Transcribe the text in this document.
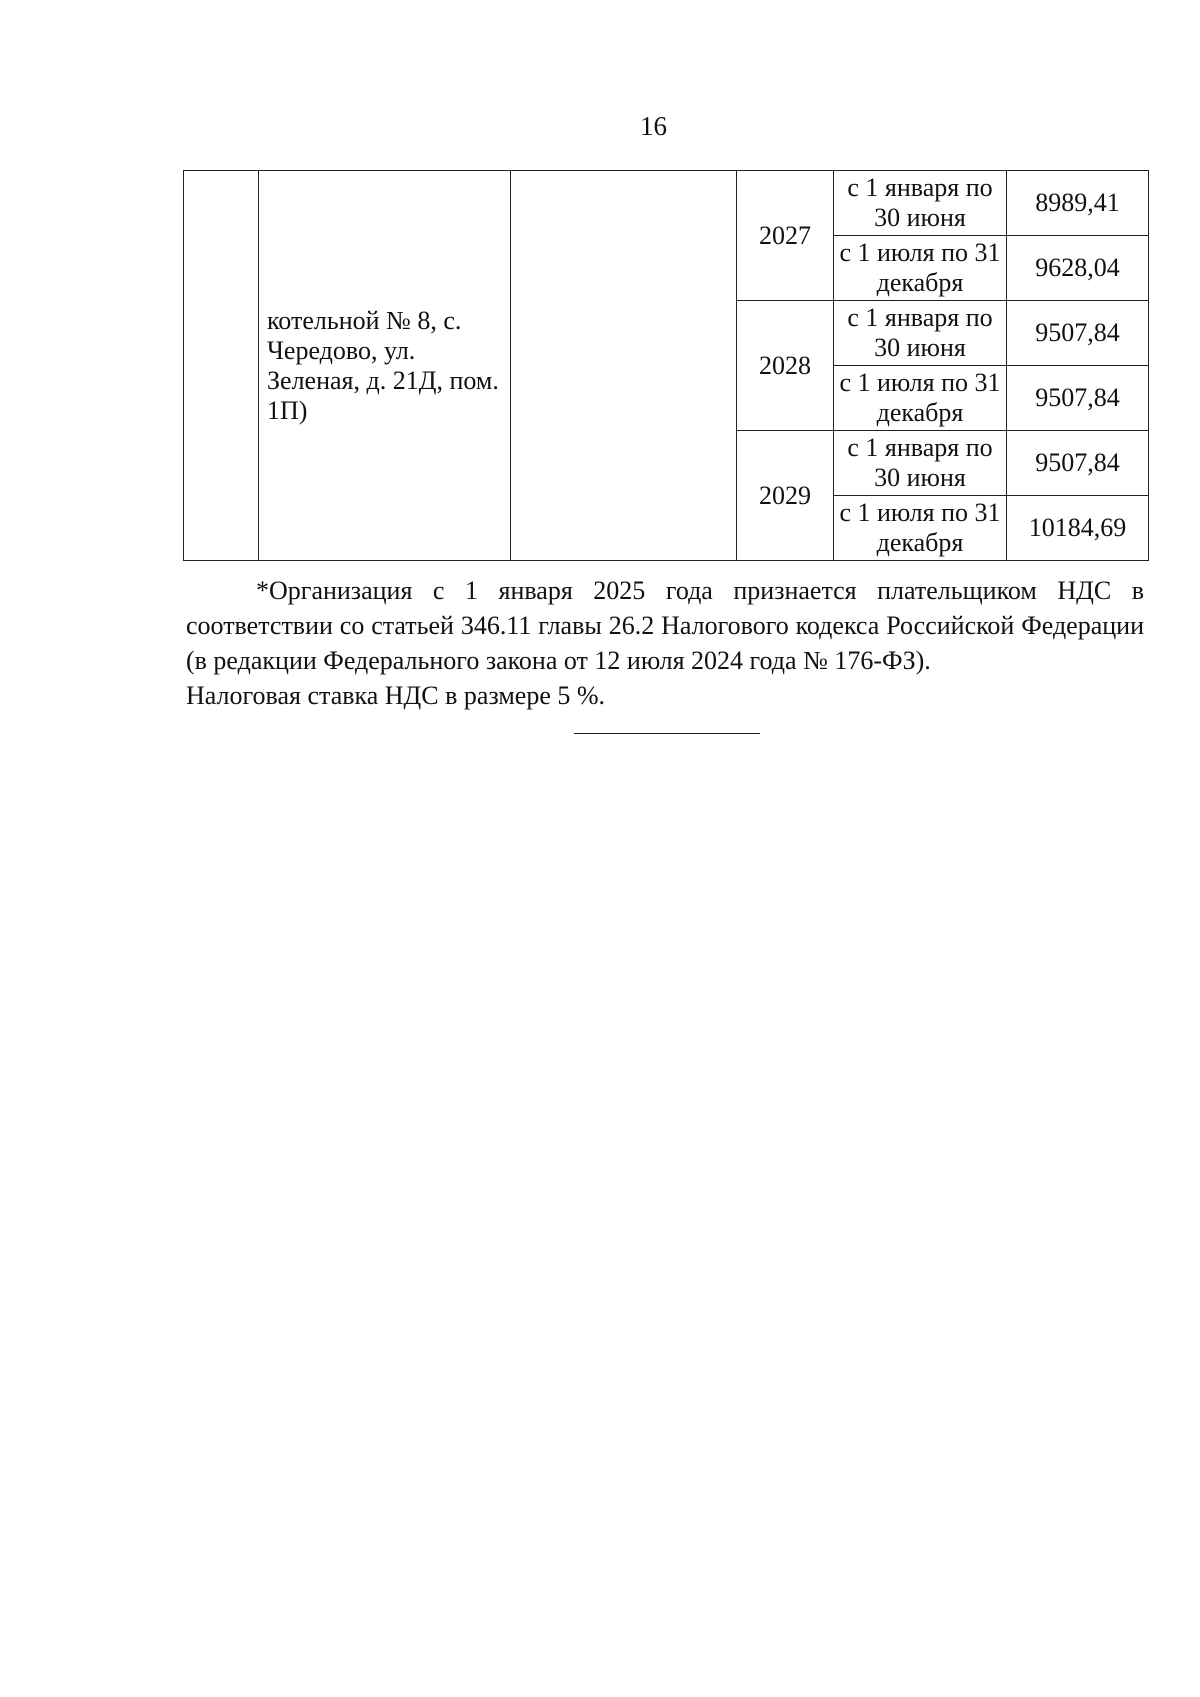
16
	котельной № 8, с. Чередово, ул. Зеленая, д. 21Д, пом. 1П)		2027	с 1 января по 30 июня	8989,41
				с 1 июля по 31 декабря	9628,04
			2028	с 1 января по 30 июня	9507,84
				с 1 июля по 31 декабря	9507,84
			2029	с 1 января по 30 июня	9507,84
				с 1 июля по 31 декабря	10184,69

*Организация с 1 января 2025 года признается плательщиком НДС в соответствии со статьей 346.11 главы 26.2 Налогового кодекса Российской Федерации (в редакции Федерального закона от 12 июля 2024 года № 176-ФЗ).

Налоговая ставка НДС в размере 5 %.
